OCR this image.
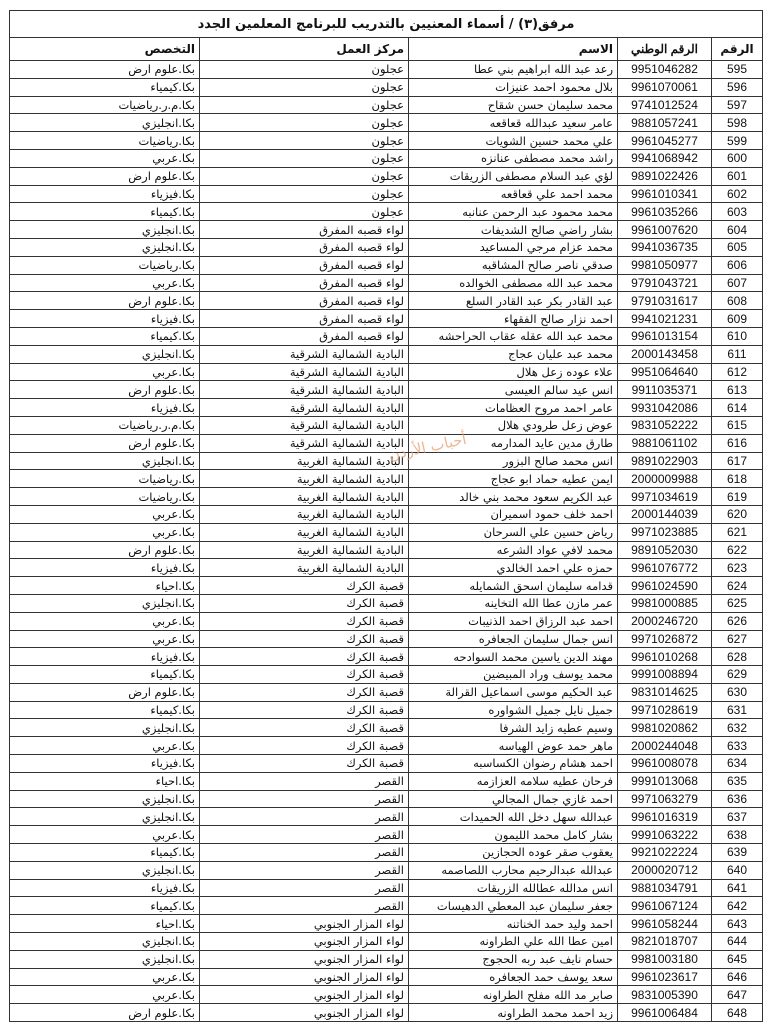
مرفق(٣) / أسماء المعنيين بالتدريب للبرنامج المعلمين الجدد
الرقم	الرقم الوطني	الاسم	مركز العمل	التخصص
595	9951046282	رعد عبد الله ابراهيم بني عطا	عجلون	بكا.علوم ارض
596	9961070061	بلال محمود احمد عنيزات	عجلون	بكا.كيمياء
597	9741012524	محمد سليمان حسن شقاح	عجلون	بكا.م.ر.رياضيات
598	9881057241	عامر سعيد عبدالله قعاقعه	عجلون	بكا.انجليزي
599	9961045277	علي محمد حسين الشويات	عجلون	بكا.رياضيات
600	9941068942	راشد محمد مصطفى عنانزه	عجلون	بكا.عربي
601	9891022426	لؤي عبد السلام مصطفى الزريقات	عجلون	بكا.علوم ارض
602	9961010341	محمد احمد علي قعاقعه	عجلون	بكا.فيزياء
603	9961035266	محمد محمود عبد الرحمن عنانبه	عجلون	بكا.كيمياء
604	9961007620	بشار راضي صالح الشديفات	لواء قصبه المفرق	بكا.انجليزي
605	9941036735	محمد عزام مرجي المساعيد	لواء قصبه المفرق	بكا.انجليزي
606	9981050977	صدقي ناصر صالح المشاقبه	لواء قصبه المفرق	بكا.رياضيات
607	9791043721	محمد عبد الله مصطفى الخوالده	لواء قصبه المفرق	بكا.عربي
608	9791031617	عبد القادر بكر عبد القادر السلع	لواء قصبه المفرق	بكا.علوم ارض
609	9941021231	احمد نزار صالح الفقهاء	لواء قصبه المفرق	بكا.فيزياء
610	9961013154	محمد عبد الله عقله عقاب الحراحشه	لواء قصبه المفرق	بكا.كيمياء
611	2000143458	محمد عبد عليان عجاج	البادية الشمالية الشرقية	بكا.انجليزي
612	9951064640	علاء عوده زعل هلال	البادية الشمالية الشرقية	بكا.عربي
613	9911035371	انس عيد سالم العيسى	البادية الشمالية الشرقية	بكا.علوم ارض
614	9931042086	عامر احمد مروح العظامات	البادية الشمالية الشرقية	بكا.فيزياء
615	9831052222	عوض زعل طرودي هلال	البادية الشمالية الشرقية	بكا.م.ر.رياضيات
616	9881061102	طارق مدين عايد المدارمه	البادية الشمالية الشرقية	بكا.علوم ارض
617	9891022903	انس محمد صالح البزور	البادية الشمالية الغربية	بكا.انجليزي
618	2000009988	ايمن عطيه حماد ابو عجاج	البادية الشمالية الغربية	بكا.رياضيات
619	9971034619	عبد الكريم سعود محمد بني خالد	البادية الشمالية الغربية	بكا.رياضيات
620	2000144039	احمد خلف حمود اسميران	البادية الشمالية الغربية	بكا.عربي
621	9971023885	رياض حسين علي السرحان	البادية الشمالية الغربية	بكا.عربي
622	9891052030	محمد لافي عواد الشرعه	البادية الشمالية الغربية	بكا.علوم ارض
623	9961076772	حمزه علي احمد الخالدي	البادية الشمالية الغربية	بكا.فيزياء
624	9961024590	قدامه سليمان اسحق الشمايله	قصبة الكرك	بكا.احياء
625	9981000885	عمر مازن عطا الله التخاينه	قصبة الكرك	بكا.انجليزي
626	2000246720	احمد عبد الرزاق احمد الذنيبات	قصبة الكرك	بكا.عربي
627	9971026872	انس جمال سليمان الجعافره	قصبة الكرك	بكا.عربي
628	9961010268	مهند الدين ياسين محمد السوادحه	قصبة الكرك	بكا.فيزياء
629	9991008894	محمد يوسف وراد المبيضين	قصبة الكرك	بكا.كيمياء
630	9831014625	عبد الحكيم موسى اسماعيل القرالة	قصبة الكرك	بكا.علوم ارض
631	9971028619	جميل نايل جميل الشواوره	قصبة الكرك	بكا.كيمياء
632	9981020862	وسيم عطيه زايد الشرفا	قصبة الكرك	بكا.انجليزي
633	2000244048	ماهر حمد عوض الهياسه	قصبة الكرك	بكا.عربي
634	9961008078	احمد هشام رضوان الكساسبه	قصبة الكرك	بكا.فيزياء
635	9991013068	فرحان عطيه سلامه العزازمه	القصر	بكا.احياء
636	9971063279	احمد غازي جمال المجالي	القصر	بكا.انجليزي
637	9961016319	عبدالله سهل دخل الله الحميدات	القصر	بكا.انجليزي
638	9991063222	بشار كامل محمد الليمون	القصر	بكا.عربي
639	9921022224	يعقوب صقر عوده الحجازين	القصر	بكا.كيمياء
640	2000020712	عبدالله عبدالرحيم محارب اللصاصمه	القصر	بكا.انجليزي
641	9881034791	انس مدالله عطالله الزريقات	القصر	بكا.فيزياء
642	9961067124	جعفر سليمان عبد المعطي الدهيسات	القصر	بكا.كيمياء
643	9961058244	احمد وليد حمد الخناتنه	لواء المزار الجنوبي	بكا.احياء
644	9821018707	امين عطا الله علي الطراونه	لواء المزار الجنوبي	بكا.انجليزي
645	9981003180	حسام نايف عبد ربه الحجوج	لواء المزار الجنوبي	بكا.انجليزي
646	9961023617	سعد يوسف حمد الجعافره	لواء المزار الجنوبي	بكا.عربي
647	9831005390	صابر مد الله مفلح الطراونه	لواء المزار الجنوبي	بكا.عربي
648	9961006484	زيد احمد محمد الطراونه	لواء المزار الجنوبي	بكا.علوم ارض
أحباب الأردن
